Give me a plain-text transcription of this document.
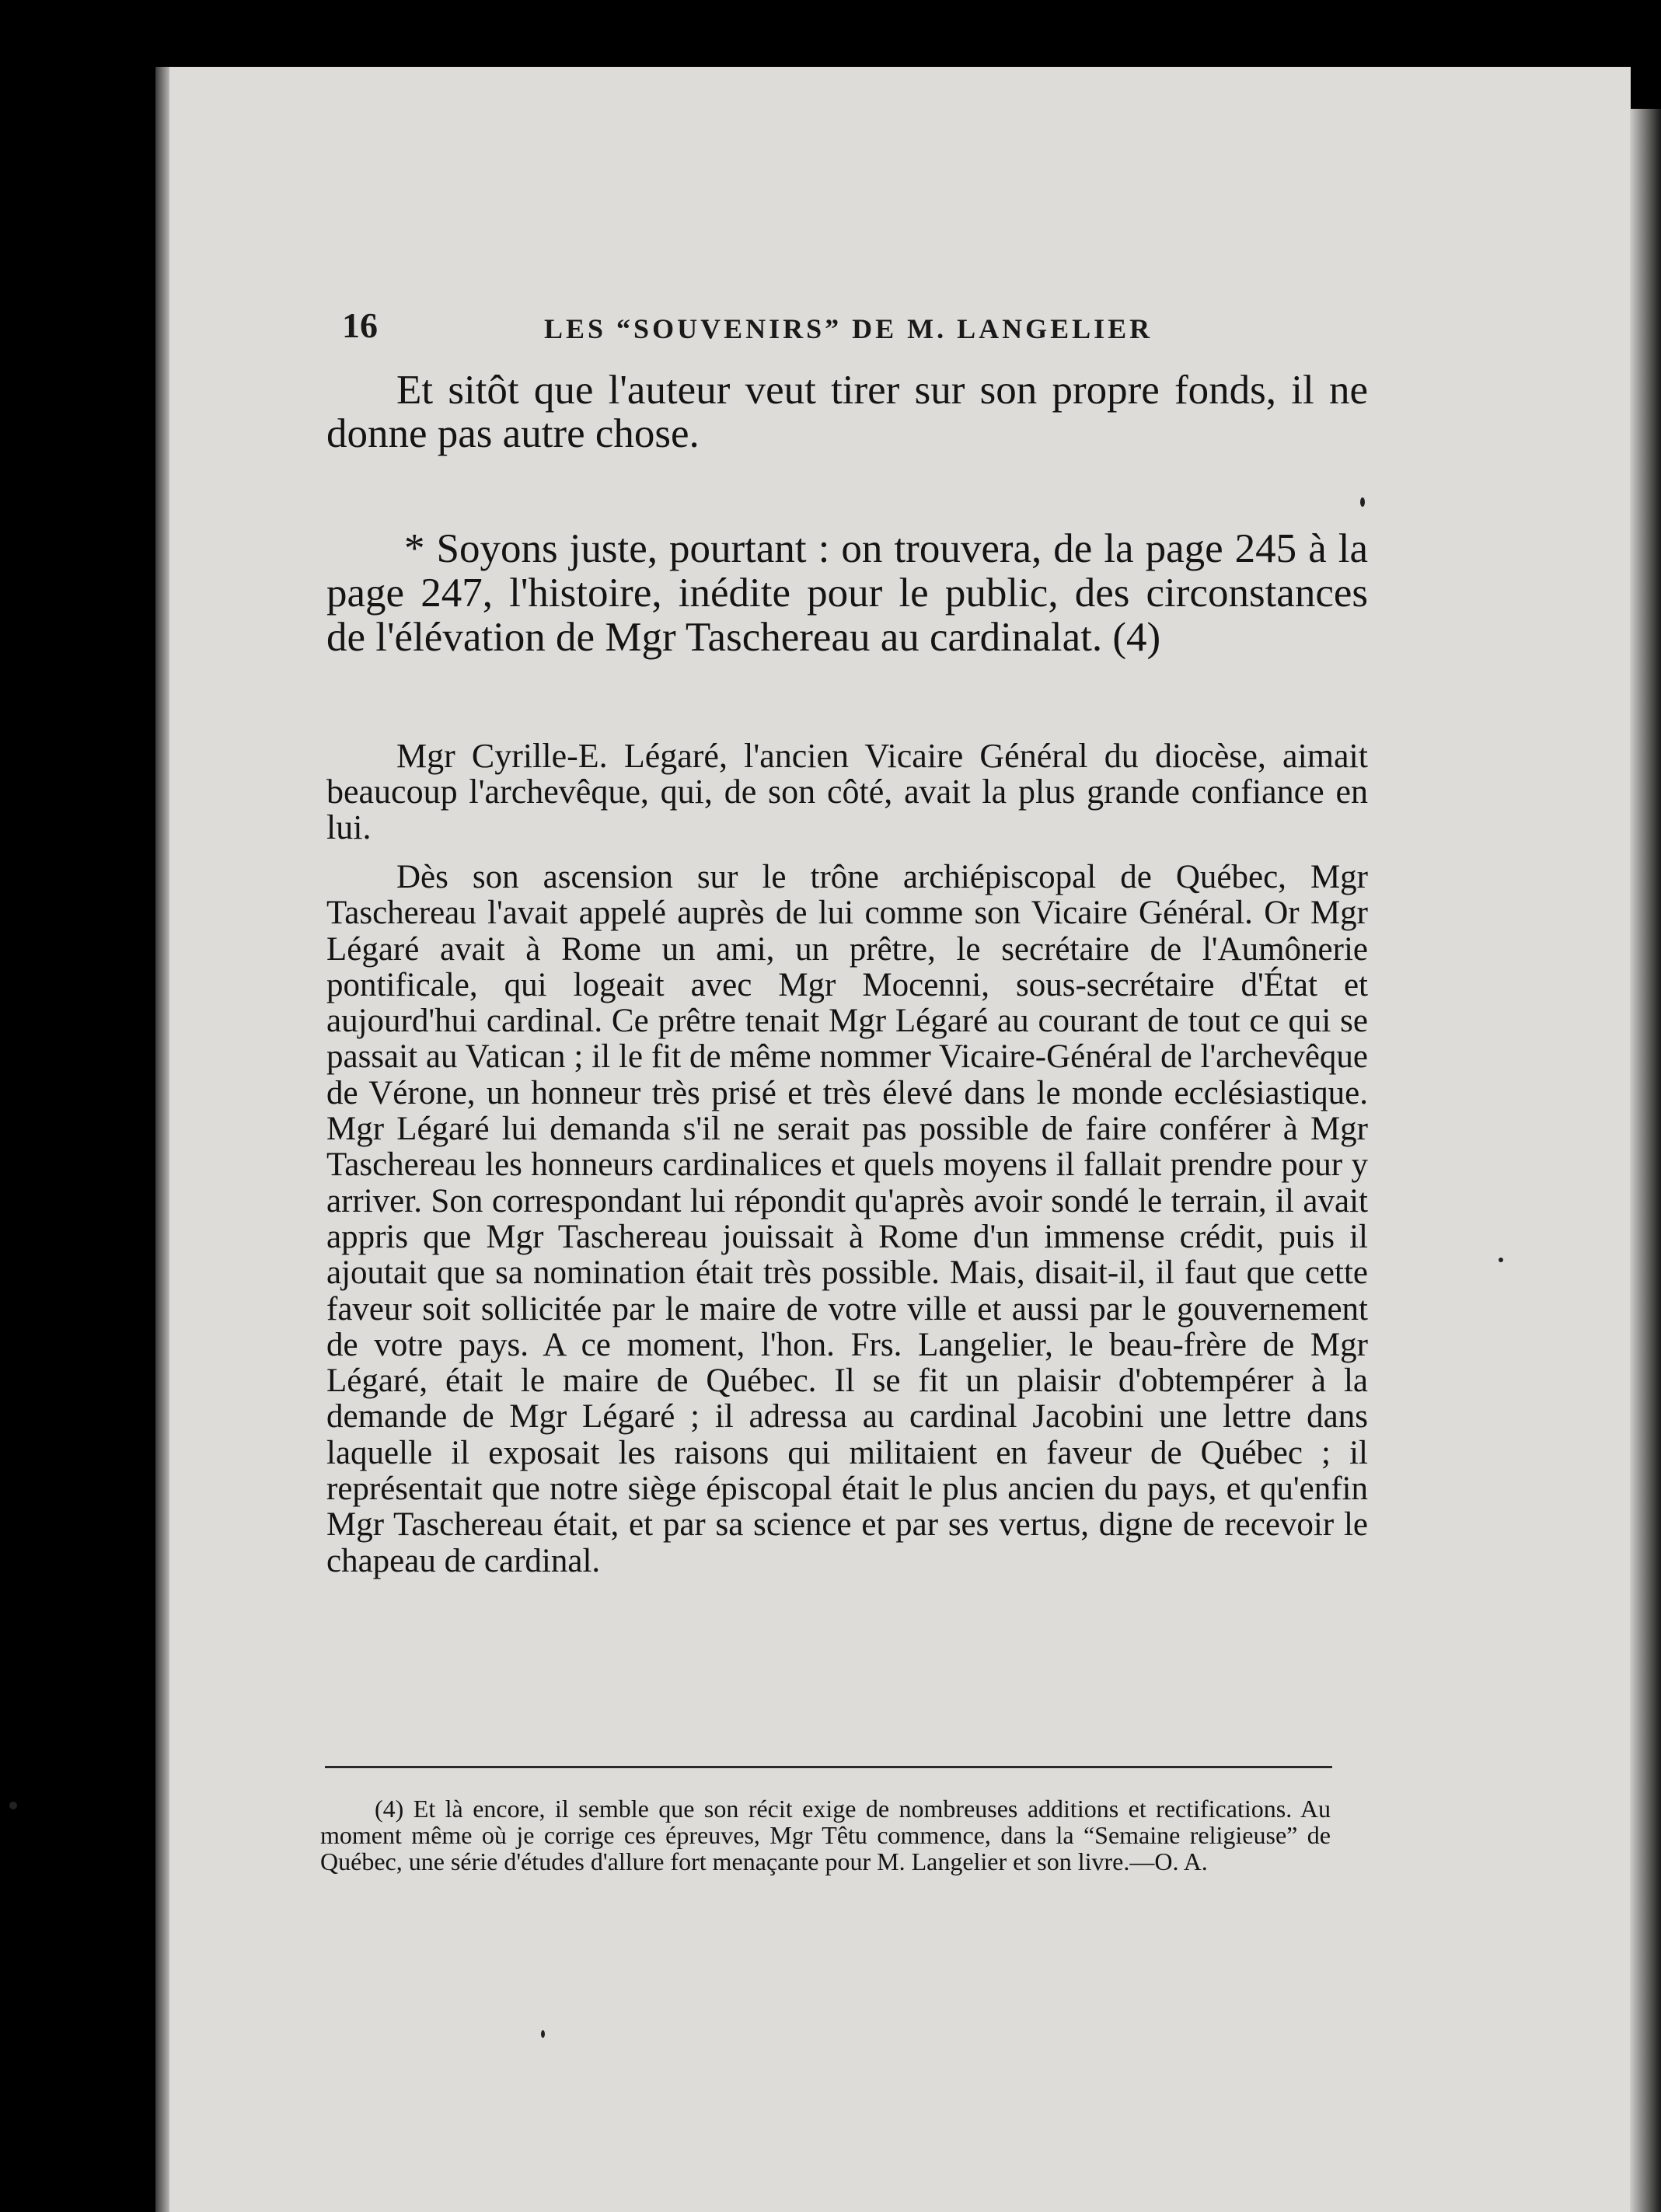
16	LES “SOUVENIRS” DE M. LANGELIER

Et sitôt que l'auteur veut tirer sur son propre fonds, il ne donne pas autre chose.

* Soyons juste, pourtant : on trouvera, de la page 245 à la page 247, l'histoire, inédite pour le public, des circonstances de l'élévation de Mgr Taschereau au cardinalat. (4)

Mgr Cyrille-E. Légaré, l'ancien Vicaire Général du diocèse, aimait beaucoup l'archevêque, qui, de son côté, avait la plus grande confiance en lui.

Dès son ascension sur le trône archiépiscopal de Québec, Mgr Taschereau l'avait appelé auprès de lui comme son Vicaire Général. Or Mgr Légaré avait à Rome un ami, un prêtre, le secrétaire de l'Aumônerie pontificale, qui logeait avec Mgr Mocenni, sous-secrétaire d'État et aujourd'hui cardinal. Ce prêtre tenait Mgr Légaré au courant de tout ce qui se passait au Vatican ; il le fit de même nommer Vicaire-Général de l'archevêque de Vérone, un honneur très prisé et très élevé dans le monde ecclésiastique. Mgr Légaré lui demanda s'il ne serait pas possible de faire conférer à Mgr Taschereau les honneurs cardinalices et quels moyens il fallait prendre pour y arriver. Son correspondant lui répondit qu'après avoir sondé le terrain, il avait appris que Mgr Taschereau jouissait à Rome d'un immense crédit, puis il ajoutait que sa nomination était très possible. Mais, disait-il, il faut que cette faveur soit sollicitée par le maire de votre ville et aussi par le gouvernement de votre pays. A ce moment, l'hon. Frs. Langelier, le beau-frère de Mgr Légaré, était le maire de Québec. Il se fit un plaisir d'obtempérer à la demande de Mgr Légaré ; il adressa au cardinal Jacobini une lettre dans laquelle il exposait les raisons qui militaient en faveur de Québec ; il représentait que notre siège épiscopal était le plus ancien du pays, et qu'enfin Mgr Taschereau était, et par sa science et par ses vertus, digne de recevoir le chapeau de cardinal.

(4) Et là encore, il semble que son récit exige de nombreuses additions et rectifications. Au moment même où je corrige ces épreuves, Mgr Têtu commence, dans la “Semaine religieuse” de Québec, une série d'études d'allure fort menaçante pour M. Langelier et son livre.—O. A.
